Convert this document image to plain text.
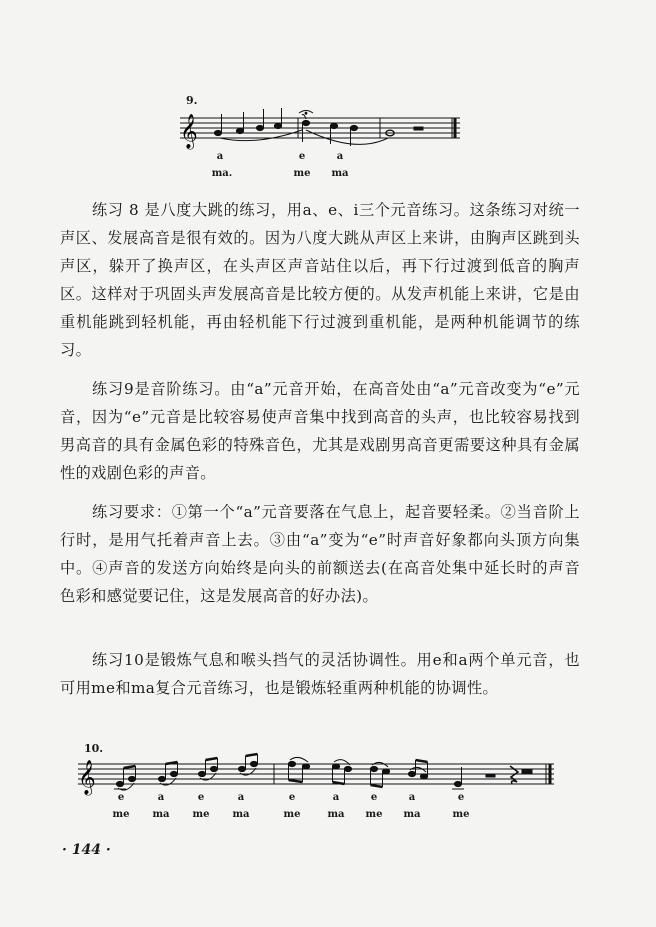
9.
𝄞
a	e	a
ma.	me ma

练习 8 是八度大跳的练习，用a、e、i三个元音练习。这条练习对统一声区、发展高音是很有效的。因为八度大跳从声区上来讲，由胸声区跳到头声区，躲开了换声区，在头声区声音站住以后，再下行过渡到低音的胸声区。这样对于巩固头声发展高音是比较方便的。从发声机能上来讲，它是由重机能跳到轻机能，再由轻机能下行过渡到重机能，是两种机能调节的练习。

练习9是音阶练习。由“a”元音开始，在高音处由“a”元音改变为“e”元音，因为“e”元音是比较容易使声音集中找到高音的头声，也比较容易找到男高音的具有金属色彩的特殊音色，尤其是戏剧男高音更需要这种具有金属性的戏剧色彩的声音。

练习要求：①第一个“a”元音要落在气息上，起音要轻柔。②当音阶上行时，是用气托着声音上去。③由“a”变为“e”时声音好象都向头顶方向集中。④声音的发送方向始终是向头的前额送去(在高音处集中延长时的声音色彩和感觉要记住，这是发展高音的好办法)。

练习10是锻炼气息和喉头挡气的灵活协调性。用e和a两个单元音，也可用me和ma复合元音练习，也是锻炼轻重两种机能的协调性。

10.
𝄞
e	a	e	a	e	a	e	a	e
me ma me ma	me	ma me ma	me
· 144 ·
